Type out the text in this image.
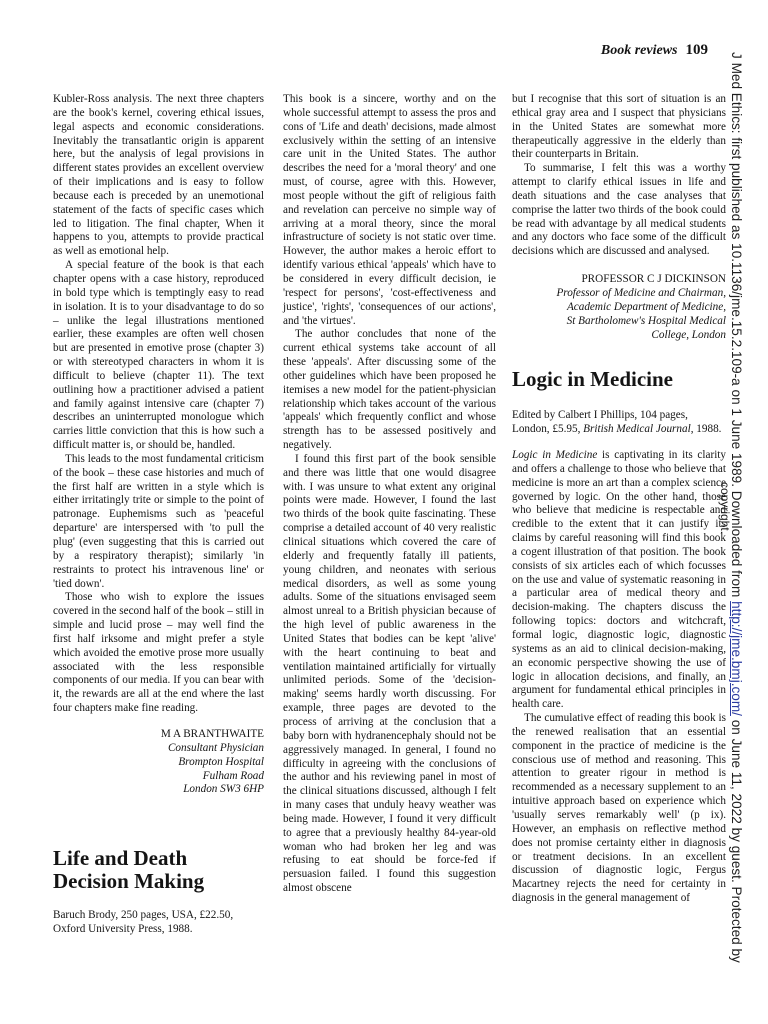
Book reviews 109

Kubler-Ross analysis. The next three chapters are the book's kernel, covering ethical issues, legal aspects and economic considerations. Inevitably the transatlantic origin is apparent here, but the analysis of legal provisions in different states provides an excellent overview of their implications and is easy to follow because each is preceded by an unemotional statement of the facts of specific cases which led to litigation. The final chapter, When it happens to you, attempts to provide practical as well as emotional help.

A special feature of the book is that each chapter opens with a case history, reproduced in bold type which is temptingly easy to read in isolation. It is to your disadvantage to do so – unlike the legal illustrations mentioned earlier, these examples are often well chosen but are presented in emotive prose (chapter 3) or with stereotyped characters in whom it is difficult to believe (chapter 11). The text outlining how a practitioner advised a patient and family against intensive care (chapter 7) describes an uninterrupted monologue which carries little conviction that this is how such a difficult matter is, or should be, handled.

This leads to the most fundamental criticism of the book – these case histories and much of the first half are written in a style which is either irritatingly trite or simple to the point of patronage. Euphemisms such as 'peaceful departure' are interspersed with 'to pull the plug' (even suggesting that this is carried out by a respiratory therapist); similarly 'in restraints to protect his intravenous line' or 'tied down'.

Those who wish to explore the issues covered in the second half of the book – still in simple and lucid prose – may well find the first half irksome and might prefer a style which avoided the emotive prose more usually associated with the less responsible components of our media. If you can bear with it, the rewards are all at the end where the last four chapters make fine reading.

M A BRANTHWAITE
Consultant Physician
Brompton Hospital
Fulham Road
London SW3 6HP
Life and Death Decision Making

Baruch Brody, 250 pages, USA, £22.50, Oxford University Press, 1988.

This book is a sincere, worthy and on the whole successful attempt to assess the pros and cons of 'Life and death' decisions, made almost exclusively within the setting of an intensive care unit in the United States. The author describes the need for a 'moral theory' and one must, of course, agree with this. However, most people without the gift of religious faith and revelation can perceive no simple way of arriving at a moral theory, since the moral infrastructure of society is not static over time. However, the author makes a heroic effort to identify various ethical 'appeals' which have to be considered in every difficult decision, ie 'respect for persons', 'cost-effectiveness and justice', 'rights', 'consequences of our actions', and 'the virtues'.

The author concludes that none of the current ethical systems take account of all these 'appeals'. After discussing some of the other guidelines which have been proposed he itemises a new model for the patient-physician relationship which takes account of the various 'appeals' which frequently conflict and whose strength has to be assessed positively and negatively.

I found this first part of the book sensible and there was little that one would disagree with. I was unsure to what extent any original points were made. However, I found the last two thirds of the book quite fascinating. These comprise a detailed account of 40 very realistic clinical situations which covered the care of elderly and frequently fatally ill patients, young children, and neonates with serious medical disorders, as well as some young adults. Some of the situations envisaged seem almost unreal to a British physician because of the high level of public awareness in the United States that bodies can be kept 'alive' with the heart continuing to beat and ventilation maintained artificially for virtually unlimited periods. Some of the 'decision-making' seems hardly worth discussing. For example, three pages are devoted to the process of arriving at the conclusion that a baby born with hydranencephaly should not be aggressively managed. In general, I found no difficulty in agreeing with the conclusions of the author and his reviewing panel in most of the clinical situations discussed, although I felt in many cases that unduly heavy weather was being made. However, I found it very difficult to agree that a previously healthy 84-year-old woman who had broken her leg and was refusing to eat should be force-fed if persuasion failed. I found this suggestion almost obscene

but I recognise that this sort of situation is an ethical gray area and I suspect that physicians in the United States are somewhat more therapeutically aggressive in the elderly than their counterparts in Britain.

To summarise, I felt this was a worthy attempt to clarify ethical issues in life and death situations and the case analyses that comprise the latter two thirds of the book could be read with advantage by all medical students and any doctors who face some of the difficult decisions which are discussed and analysed.

PROFESSOR C J DICKINSON
Professor of Medicine and Chairman,
Academic Department of Medicine,
St Bartholomew's Hospital Medical
College, London
Logic in Medicine

Edited by Calbert I Phillips, 104 pages, London, £5.95, British Medical Journal, 1988.

Logic in Medicine is captivating in its clarity and offers a challenge to those who believe that medicine is more an art than a complex science governed by logic. On the other hand, those who believe that medicine is respectable and credible to the extent that it can justify its claims by careful reasoning will find this book a cogent illustration of that position. The book consists of six articles each of which focusses on the use and value of systematic reasoning in a particular area of medical theory and decision-making. The chapters discuss the following topics: doctors and witchcraft, formal logic, diagnostic logic, diagnostic systems as an aid to clinical decision-making, an economic perspective showing the use of logic in allocation decisions, and finally, an argument for fundamental ethical principles in health care.

The cumulative effect of reading this book is the renewed realisation that an essential component in the practice of medicine is the conscious use of method and reasoning. This attention to greater rigour in method is recommended as a necessary supplement to an intuitive approach based on experience which 'usually serves remarkably well' (p ix). However, an emphasis on reflective method does not promise certainty either in diagnosis or treatment decisions. In an excellent discussion of diagnostic logic, Fergus Macartney rejects the need for certainty in diagnosis in the general management of

J Med Ethics: first published as 10.1136/jme.15.2.109-a on 1 June 1989. Downloaded from http://jme.bmj.com/ on June 11, 2022 by guest. Protected by
copyright.
